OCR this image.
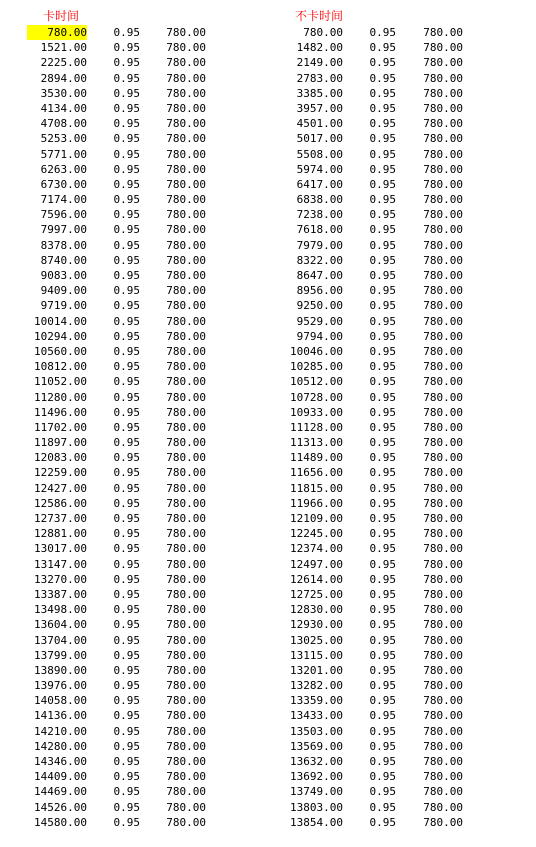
卡时间
780.00	0.95	780.00
1521.00	0.95	780.00
2225.00	0.95	780.00
2894.00	0.95	780.00
3530.00	0.95	780.00
4134.00	0.95	780.00
4708.00	0.95	780.00
5253.00	0.95	780.00
5771.00	0.95	780.00
6263.00	0.95	780.00
6730.00	0.95	780.00
7174.00	0.95	780.00
7596.00	0.95	780.00
7997.00	0.95	780.00
8378.00	0.95	780.00
8740.00	0.95	780.00
9083.00	0.95	780.00
9409.00	0.95	780.00
9719.00	0.95	780.00
10014.00	0.95	780.00
10294.00	0.95	780.00
10560.00	0.95	780.00
10812.00	0.95	780.00
11052.00	0.95	780.00
11280.00	0.95	780.00
11496.00	0.95	780.00
11702.00	0.95	780.00
11897.00	0.95	780.00
12083.00	0.95	780.00
12259.00	0.95	780.00
12427.00	0.95	780.00
12586.00	0.95	780.00
12737.00	0.95	780.00
12881.00	0.95	780.00
13017.00	0.95	780.00
13147.00	0.95	780.00
13270.00	0.95	780.00
13387.00	0.95	780.00
13498.00	0.95	780.00
13604.00	0.95	780.00
13704.00	0.95	780.00
13799.00	0.95	780.00
13890.00	0.95	780.00
13976.00	0.95	780.00
14058.00	0.95	780.00
14136.00	0.95	780.00
14210.00	0.95	780.00
14280.00	0.95	780.00
14346.00	0.95	780.00
14409.00	0.95	780.00
14469.00	0.95	780.00
14526.00	0.95	780.00
14580.00	0.95	780.00
不卡时间
780.00	0.95	780.00
1482.00	0.95	780.00
2149.00	0.95	780.00
2783.00	0.95	780.00
3385.00	0.95	780.00
3957.00	0.95	780.00
4501.00	0.95	780.00
5017.00	0.95	780.00
5508.00	0.95	780.00
5974.00	0.95	780.00
6417.00	0.95	780.00
6838.00	0.95	780.00
7238.00	0.95	780.00
7618.00	0.95	780.00
7979.00	0.95	780.00
8322.00	0.95	780.00
8647.00	0.95	780.00
8956.00	0.95	780.00
9250.00	0.95	780.00
9529.00	0.95	780.00
9794.00	0.95	780.00
10046.00	0.95	780.00
10285.00	0.95	780.00
10512.00	0.95	780.00
10728.00	0.95	780.00
10933.00	0.95	780.00
11128.00	0.95	780.00
11313.00	0.95	780.00
11489.00	0.95	780.00
11656.00	0.95	780.00
11815.00	0.95	780.00
11966.00	0.95	780.00
12109.00	0.95	780.00
12245.00	0.95	780.00
12374.00	0.95	780.00
12497.00	0.95	780.00
12614.00	0.95	780.00
12725.00	0.95	780.00
12830.00	0.95	780.00
12930.00	0.95	780.00
13025.00	0.95	780.00
13115.00	0.95	780.00
13201.00	0.95	780.00
13282.00	0.95	780.00
13359.00	0.95	780.00
13433.00	0.95	780.00
13503.00	0.95	780.00
13569.00	0.95	780.00
13632.00	0.95	780.00
13692.00	0.95	780.00
13749.00	0.95	780.00
13803.00	0.95	780.00
13854.00	0.95	780.00
